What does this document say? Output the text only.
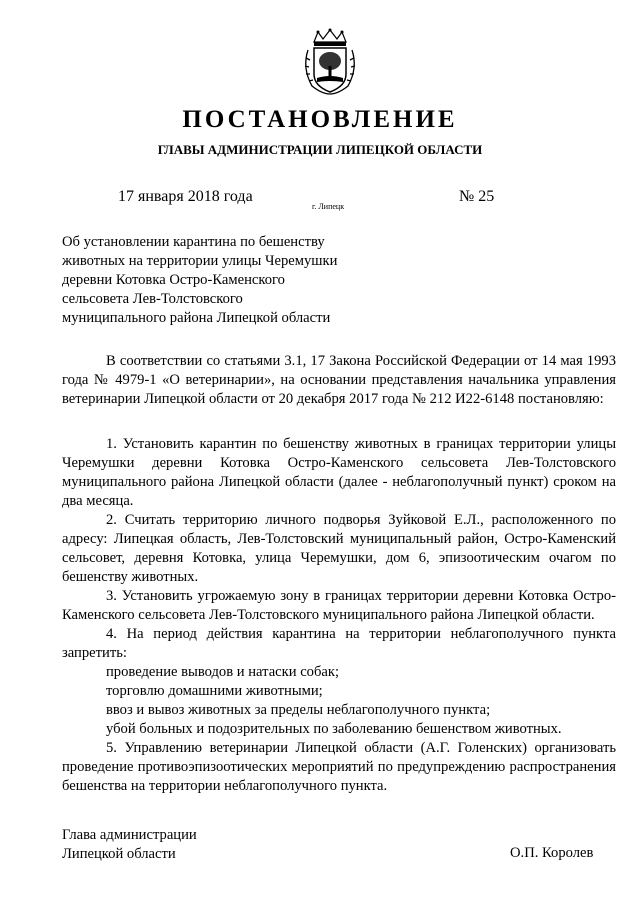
ПОСТАНОВЛЕНИЕ
ГЛАВЫ АДМИНИСТРАЦИИ ЛИПЕЦКОЙ ОБЛАСТИ
17 января 2018 года
г. Липецк
№ 25
Об установлении карантина по бешенству
животных на территории улицы Черемушки
деревни Котовка Остро-Каменского
сельсовета Лев-Толстовского
муниципального района Липецкой области

В соответствии со статьями 3.1, 17 Закона Российской Федерации от 14 мая 1993 года № 4979-1 «О ветеринарии», на основании представления начальника управления ветеринарии Липецкой области от 20 декабря 2017 года № 212 И22-6148 постановляю:

1. Установить карантин по бешенству животных в границах территории улицы Черемушки деревни Котовка Остро-Каменского сельсовета Лев-Толстовского муниципального района Липецкой области (далее - неблагополучный пункт) сроком на два месяца.

2. Считать территорию личного подворья Зуйковой Е.Л., расположенного по адресу: Липецкая область, Лев-Толстовский муниципальный район, Остро-Каменский сельсовет, деревня Котовка, улица Черемушки, дом 6, эпизоотическим очагом по бешенству животных.

3. Установить угрожаемую зону в границах территории деревни Котовка Остро-Каменского сельсовета Лев-Толстовского муниципального района Липецкой области.

4. На период действия карантина на территории неблагополучного пункта запретить:

проведение выводов и натаски собак;

торговлю домашними животными;

ввоз и вывоз животных за пределы неблагополучного пункта;

убой больных и подозрительных по заболеванию бешенством животных.

5. Управлению ветеринарии Липецкой области (А.Г. Голенских) организовать проведение противоэпизоотических мероприятий по предупреждению распространения бешенства на территории неблагополучного пункта.

Глава администрации
Липецкой области	О.П. Королев
